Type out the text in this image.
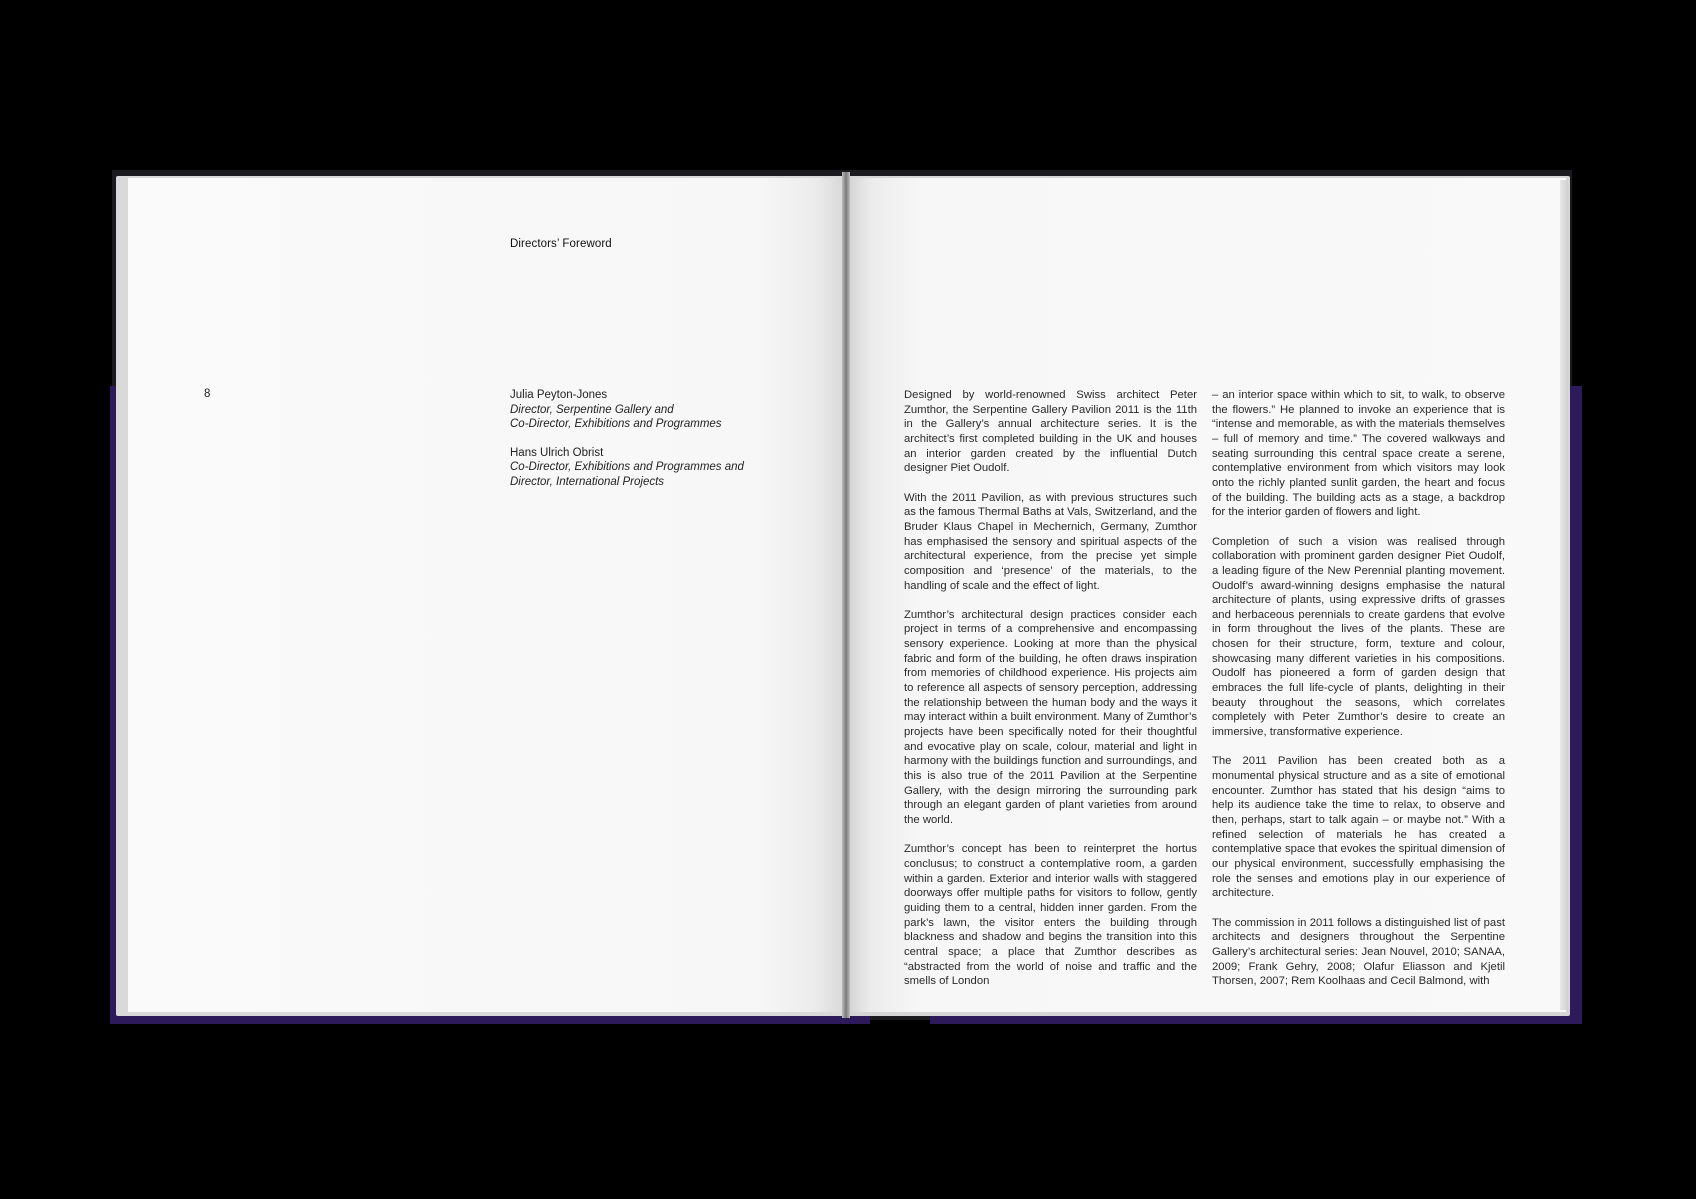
Directors’ Foreword
8	Julia Peyton-Jones
Director, Serpentine Gallery and
Co-Director, Exhibitions and Programmes
Hans Ulrich Obrist
Co-Director, Exhibitions and Programmes and
Director, International Projects

Designed by world-renowned Swiss architect Peter Zumthor, the Serpentine Gallery Pavilion 2011 is the 11th in the Gallery’s annual architecture series. It is the architect’s first completed building in the UK and houses an interior garden created by the influential Dutch designer Piet Oudolf.

With the 2011 Pavilion, as with previous structures such as the famous Thermal Baths at Vals, Switzerland, and the Bruder Klaus Chapel in Mechernich, Germany, Zumthor has emphasised the sensory and spiritual aspects of the architectural experience, from the precise yet simple composition and ‘presence’ of the materials, to the handling of scale and the effect of light.

Zumthor’s architectural design practices consider each project in terms of a comprehensive and encompassing sensory experience. Looking at more than the physical fabric and form of the building, he often draws inspiration from memories of childhood experience. His projects aim to reference all aspects of sensory perception, addressing the relationship between the human body and the ways it may interact within a built environment. Many of Zumthor’s projects have been specifically noted for their thoughtful and evocative play on scale, colour, material and light in harmony with the buildings function and surroundings, and this is also true of the 2011 Pavilion at the Serpentine Gallery, with the design mirroring the surrounding park through an elegant garden of plant varieties from around the world.

Zumthor’s concept has been to reinterpret the hortus conclusus; to construct a contemplative room, a garden within a garden. Exterior and interior walls with staggered doorways offer multiple paths for visitors to follow, gently guiding them to a central, hidden inner garden. From the park’s lawn, the visitor enters the building through blackness and shadow and begins the transition into this central space; a place that Zumthor describes as “abstracted from the world of noise and traffic and the smells of London

– an interior space within which to sit, to walk, to observe the flowers.” He planned to invoke an experience that is “intense and memorable, as with the materials themselves – full of memory and time.” The covered walkways and seating surrounding this central space create a serene, contemplative environment from which visitors may look onto the richly planted sunlit garden, the heart and focus of the building. The building acts as a stage, a backdrop for the interior garden of flowers and light.

Completion of such a vision was realised through collaboration with prominent garden designer Piet Oudolf, a leading figure of the New Perennial planting movement. Oudolf’s award-winning designs emphasise the natural architecture of plants, using expressive drifts of grasses and herbaceous perennials to create gardens that evolve in form throughout the lives of the plants. These are chosen for their structure, form, texture and colour, showcasing many different varieties in his compositions. Oudolf has pioneered a form of garden design that embraces the full life-cycle of plants, delighting in their beauty throughout the seasons, which correlates completely with Peter Zumthor’s desire to create an immersive, transformative experience.

The 2011 Pavilion has been created both as a monumental physical structure and as a site of emotional encounter. Zumthor has stated that his design “aims to help its audience take the time to relax, to observe and then, perhaps, start to talk again – or maybe not.” With a refined selection of materials he has created a contemplative space that evokes the spiritual dimension of our physical environment, successfully emphasising the role the senses and emotions play in our experience of architecture.

The commission in 2011 follows a distinguished list of past architects and designers throughout the Serpentine Gallery’s architectural series: Jean Nouvel, 2010; SANAA, 2009; Frank Gehry, 2008; Olafur Eliasson and Kjetil Thorsen, 2007; Rem Koolhaas and Cecil Balmond, with
